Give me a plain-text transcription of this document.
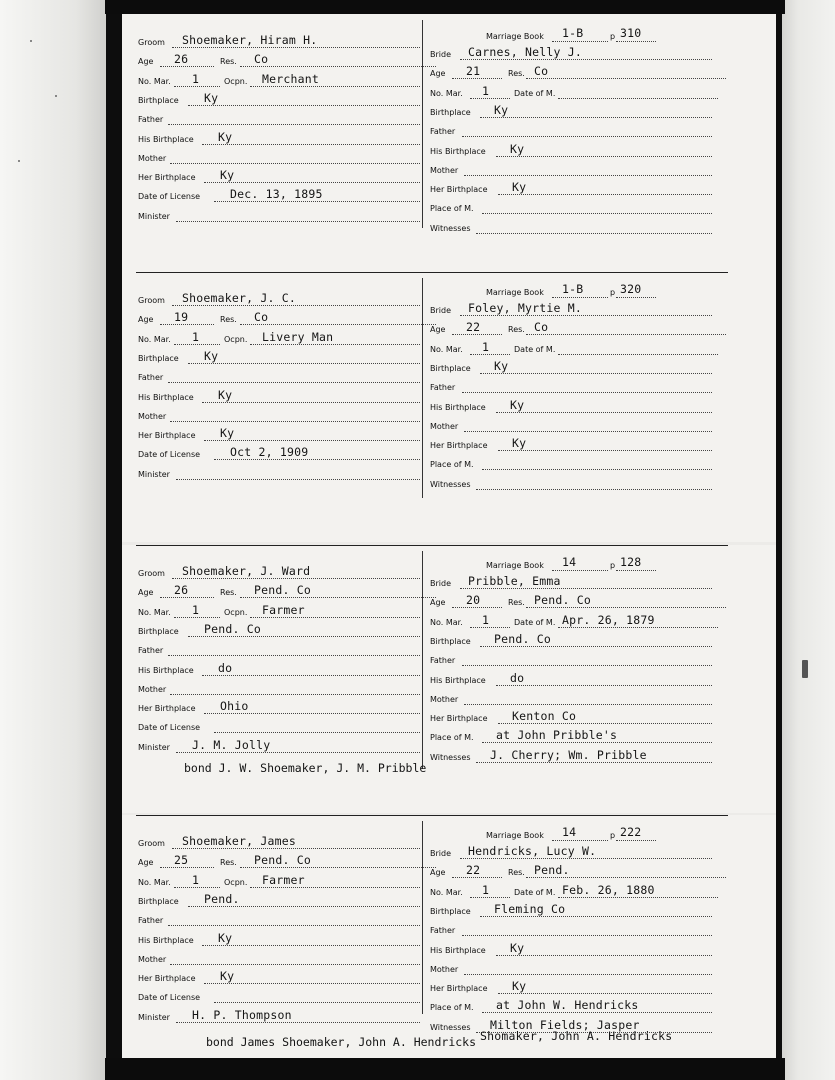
Groom Shoemaker, Hiram H.
Age 26	Res. Co
No. Mar. 1	Ocpn. Merchant
Birthplace Ky
Father
His Birthplace Ky
Mother
Her Birthplace Ky
Date of License	Dec. 13, 1895
Minister
Marriage Book 1-B	p 310
Bride Carnes, Nelly J.
Age 21	Res. Co
No. Mar. 1	Date of M.
Birthplace Ky
Father
His Birthplace Ky
Mother
Her Birthplace Ky
Place of M.
Witnesses
Groom Shoemaker, J. C.
Age 19	Res. Co
No. Mar. 1	Ocpn. Livery Man
Birthplace Ky
Father
His Birthplace Ky
Mother
Her Birthplace Ky
Date of License	Oct 2, 1909
Minister
Marriage Book 1-B	p 320
Bride Foley, Myrtie M.
Age 22	Res. Co
No. Mar. 1	Date of M.
Birthplace Ky
Father
His Birthplace Ky
Mother
Her Birthplace Ky
Place of M.
Witnesses
Groom Shoemaker, J. Ward
Age 26	Res. Pend. Co
No. Mar. 1	Ocpn. Farmer
Birthplace Pend. Co
Father
His Birthplace do
Mother
Her Birthplace Ohio
Date of License
Minister J. M. Jolly
Marriage Book 14	p 128
Bride Pribble, Emma
Age 20	Res. Pend. Co
No. Mar. 1	Date of M. Apr. 26, 1879
Birthplace Pend. Co
Father
His Birthplace do
Mother
Her Birthplace Kenton Co
Place of M. at John Pribble's
Witnesses J. Cherry; Wm. Pribble
bond J. W. Shoemaker, J. M. Pribble
Groom Shoemaker, James
Age 25	Res. Pend. Co
No. Mar. 1	Ocpn. Farmer
Birthplace Pend.
Father
His Birthplace Ky
Mother
Her Birthplace Ky
Date of License
Minister H. P. Thompson
Marriage Book 14	p 222
Bride Hendricks, Lucy W.
Age 22	Res. Pend.
No. Mar. 1	Date of M. Feb. 26, 1880
Birthplace Fleming Co
Father
His Birthplace Ky
Mother
Her Birthplace Ky
Place of M. at John W. Hendricks
Witnesses Milton Fields; Jasper
Shomaker, John A. Hendricks
bond James Shoemaker, John A. Hendricks
